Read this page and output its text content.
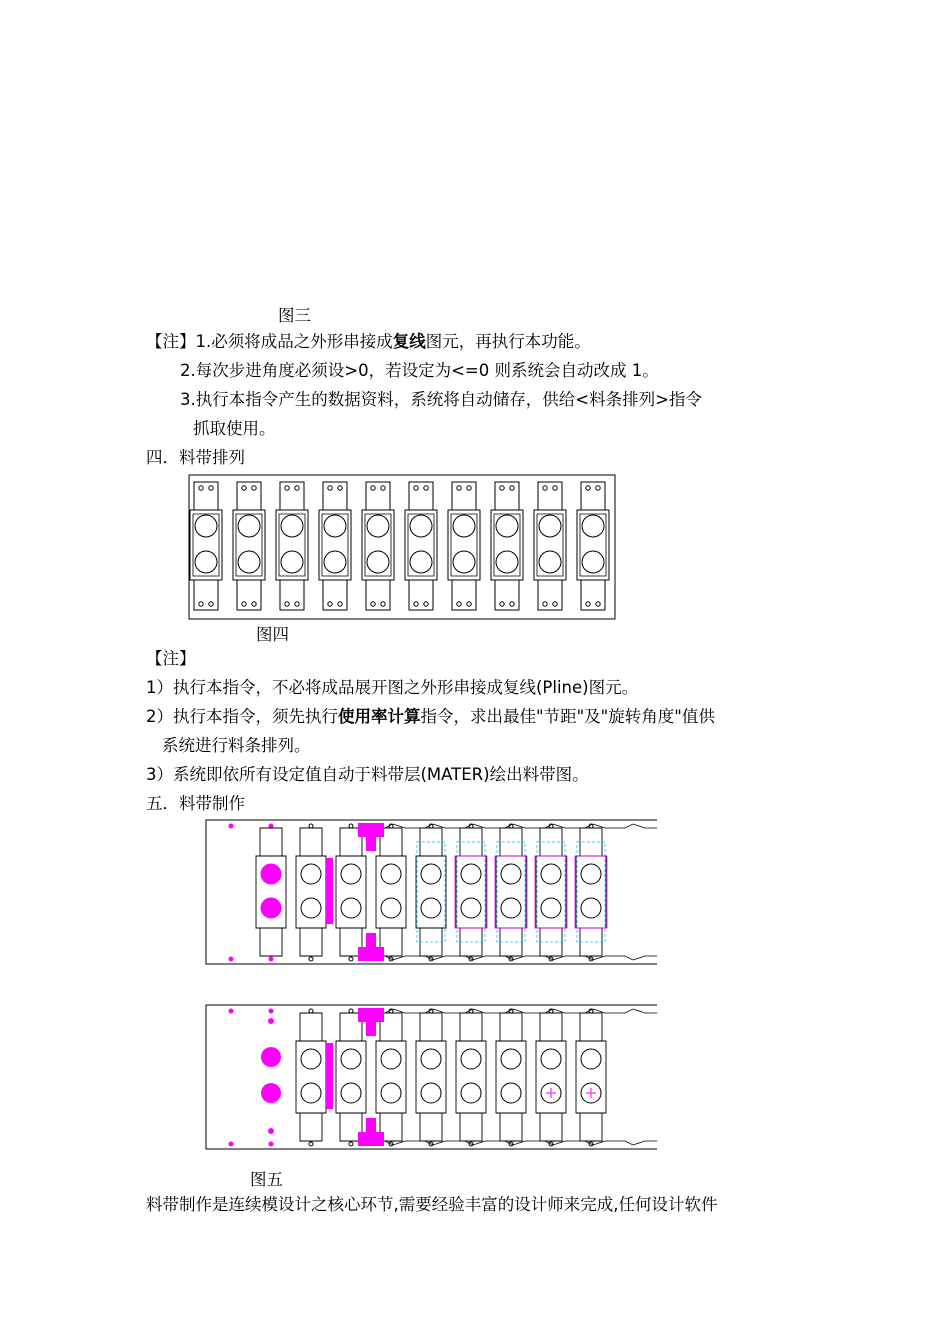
图三
【注】1.必须将成品之外形串接成复线图元，再执行本功能。
2.每次步进角度必须设>0，若设定为<=0 则系统会自动改成 1。
3.执行本指令产生的数据资料，系统将自动储存，供给<料条排列>指令
抓取使用。
四．料带排列
图四
【注】
1）执行本指令，不必将成品展开图之外形串接成复线(Pline)图元。
2）执行本指令，须先执行使用率计算指令，求出最佳"节距"及"旋转角度"值供
系统进行料条排列。
3）系统即依所有设定值自动于料带层(MATER)绘出料带图。
五．料带制作
图五
料带制作是连续模设计之核心环节,需要经验丰富的设计师来完成,任何设计软件
